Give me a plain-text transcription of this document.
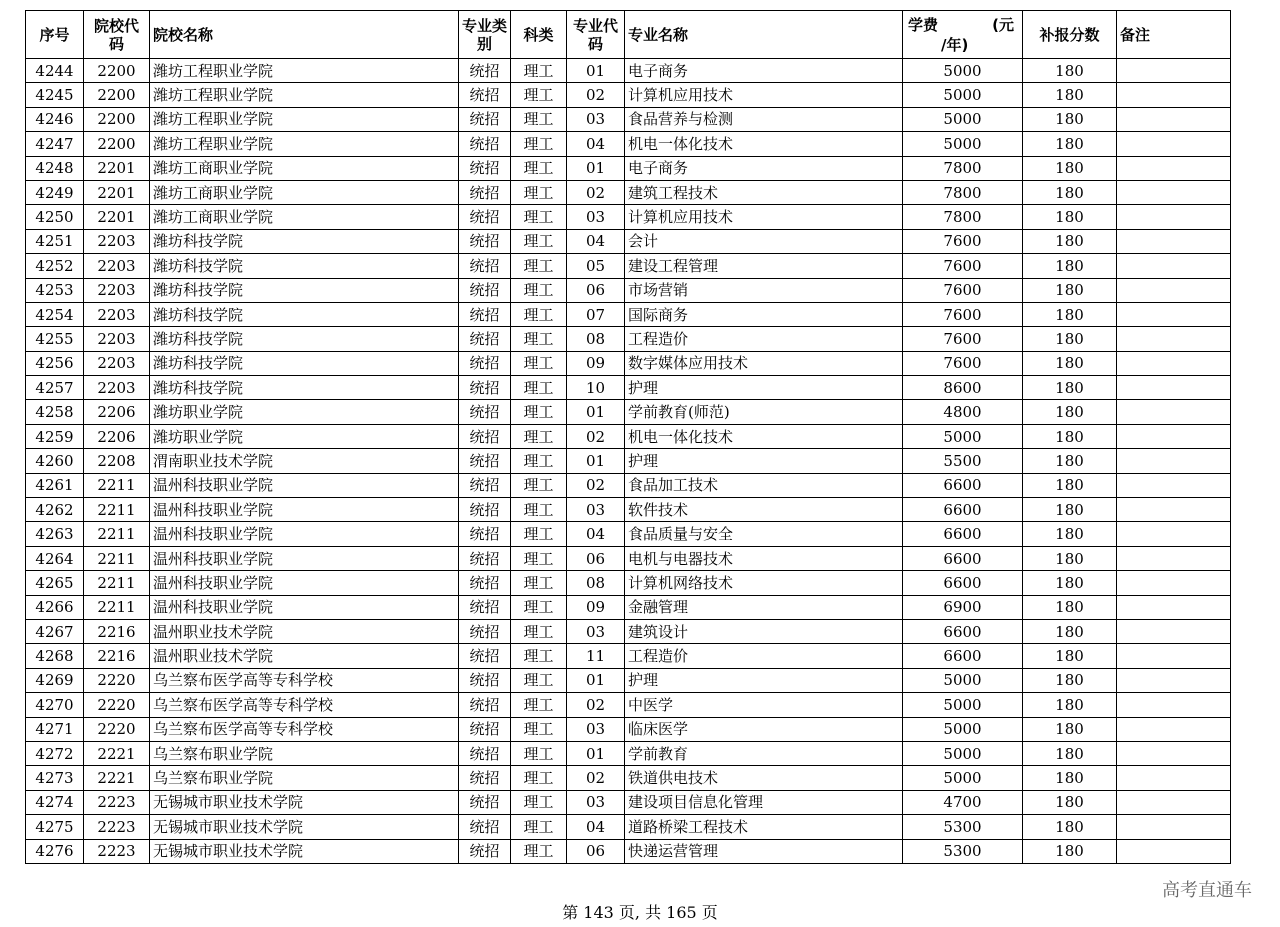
序号	院校代码	院校名称	专业类别	科类	专业代码	专业名称	学费 (元
/年)	补报分数	备注
4244	2200	潍坊工程职业学院	统招	理工	01	电子商务	5000	180	
4245	2200	潍坊工程职业学院	统招	理工	02	计算机应用技术	5000	180	
4246	2200	潍坊工程职业学院	统招	理工	03	食品营养与检测	5000	180	
4247	2200	潍坊工程职业学院	统招	理工	04	机电一体化技术	5000	180	
4248	2201	潍坊工商职业学院	统招	理工	01	电子商务	7800	180	
4249	2201	潍坊工商职业学院	统招	理工	02	建筑工程技术	7800	180	
4250	2201	潍坊工商职业学院	统招	理工	03	计算机应用技术	7800	180	
4251	2203	潍坊科技学院	统招	理工	04	会计	7600	180	
4252	2203	潍坊科技学院	统招	理工	05	建设工程管理	7600	180	
4253	2203	潍坊科技学院	统招	理工	06	市场营销	7600	180	
4254	2203	潍坊科技学院	统招	理工	07	国际商务	7600	180	
4255	2203	潍坊科技学院	统招	理工	08	工程造价	7600	180	
4256	2203	潍坊科技学院	统招	理工	09	数字媒体应用技术	7600	180	
4257	2203	潍坊科技学院	统招	理工	10	护理	8600	180	
4258	2206	潍坊职业学院	统招	理工	01	学前教育(师范)	4800	180	
4259	2206	潍坊职业学院	统招	理工	02	机电一体化技术	5000	180	
4260	2208	渭南职业技术学院	统招	理工	01	护理	5500	180	
4261	2211	温州科技职业学院	统招	理工	02	食品加工技术	6600	180	
4262	2211	温州科技职业学院	统招	理工	03	软件技术	6600	180	
4263	2211	温州科技职业学院	统招	理工	04	食品质量与安全	6600	180	
4264	2211	温州科技职业学院	统招	理工	06	电机与电器技术	6600	180	
4265	2211	温州科技职业学院	统招	理工	08	计算机网络技术	6600	180	
4266	2211	温州科技职业学院	统招	理工	09	金融管理	6900	180	
4267	2216	温州职业技术学院	统招	理工	03	建筑设计	6600	180	
4268	2216	温州职业技术学院	统招	理工	11	工程造价	6600	180	
4269	2220	乌兰察布医学高等专科学校	统招	理工	01	护理	5000	180	
4270	2220	乌兰察布医学高等专科学校	统招	理工	02	中医学	5000	180	
4271	2220	乌兰察布医学高等专科学校	统招	理工	03	临床医学	5000	180	
4272	2221	乌兰察布职业学院	统招	理工	01	学前教育	5000	180	
4273	2221	乌兰察布职业学院	统招	理工	02	铁道供电技术	5000	180	
4274	2223	无锡城市职业技术学院	统招	理工	03	建设项目信息化管理	4700	180	
4275	2223	无锡城市职业技术学院	统招	理工	04	道路桥梁工程技术	5300	180	
4276	2223	无锡城市职业技术学院	统招	理工	06	快递运营管理	5300	180	
第 143 页, 共 165 页
高考直通车
